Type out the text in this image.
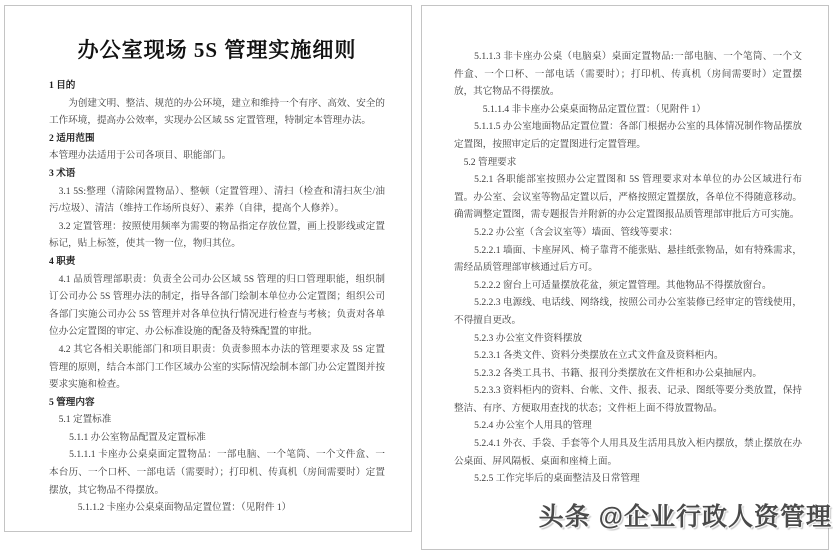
办公室现场 5S 管理实施细则

1 目的

为创建文明、整洁、规范的办公环境，建立和维持一个有序、高效、安全的工作环境，提高办公效率，实现办公区域 5S 定置管理，特制定本管理办法。

2 适用范围

本管理办法适用于公司各项目、职能部门。

3 术语

3.1 5S:整理（清除闲置物品）、整顿（定置管理）、清扫（检查和清扫灰尘/油污/垃圾）、清洁（维持工作场所良好）、素养（自律，提高个人修养）。

3.2 定置管理：按照使用频率为需要的物品指定存放位置，画上投影线或定置标记，贴上标签，使其一物一位，物归其位。

4 职责

4.1 品质管理部职责：负责全公司办公区域 5S 管理的归口管理职能，组织制订公司办公 5S 管理办法的制定，指导各部门绘制本单位办公定置图；组织公司各部门实施公司办公 5S 管理并对各单位执行情况进行检查与考核；负责对各单位办公定置图的审定、办公标准设施的配备及特殊配置的审批。

4.2 其它各相关职能部门和项目职责：负责参照本办法的管理要求及 5S 定置管理的原则，结合本部门工作区域办公室的实际情况绘制本部门办公定置图并按要求实施和检查。

5 管理内容

5.1 定置标准

5.1.1 办公室物品配置及定置标准

5.1.1.1 卡座办公桌桌面定置物品：一部电脑、一个笔筒、一个文件盒、一本台历、一个口杯、一部电话（需要时）；打印机、传真机（房间需要时）定置摆放，其它物品不得摆放。

5.1.1.2 卡座办公桌桌面物品定置位置：（见附件 1）

5.1.1.3 非卡座办公桌（电脑桌）桌面定置物品:一部电脑、一个笔筒、一个文件盒、一个口杯、一部电话（需要时）；打印机、传真机（房间需要时）定置摆放，其它物品不得摆放。

5.1.1.4 非卡座办公桌桌面物品定置位置：（见附件 1）

5.1.1.5 办公室地面物品定置位置：各部门根据办公室的具体情况制作物品摆放定置图，按照审定后的定置图进行定置管理。

5.2 管理要求

5.2.1 各职能部室按照办公定置图和 5S 管理要求对本单位的办公区域进行布置。办公室、会议室等物品定置以后，严格按照定置摆放，各单位不得随意移动。确需调整定置图，需专题报告并附新的办公定置图报品质管理部审批后方可实施。

5.2.2 办公室（含会议室等）墙面、管线等要求：

5.2.2.1 墙面、卡座屏风、椅子靠背不能张贴、悬挂纸张物品，如有特殊需求，需经品质管理部审核通过后方可。

5.2.2.2 窗台上可适量摆放花盆，须定置管理。其他物品不得摆放窗台。

5.2.2.3 电源线、电话线、网络线，按照公司办公室装修已经审定的管线使用，不得擅自更改。

5.2.3 办公室文件资料摆放

5.2.3.1 各类文件、资料分类摆放在立式文件盒及资料柜内。

5.2.3.2 各类工具书、书籍、报刊分类摆放在文件柜和办公桌抽屉内。

5.2.3.3 资料柜内的资料、台帐、文件、报表、记录、图纸等要分类放置，保持整洁、有序、方便取用查找的状态；文件柜上面不得放置物品。

5.2.4 办公室个人用具的管理

5.2.4.1 外衣、手袋、手套等个人用具及生活用具放入柜内摆放，禁止摆放在办公桌面、屏风隔板、桌面和座椅上面。

5.2.5 工作完毕后的桌面整洁及日常管理

头条 @企业行政人资管理
